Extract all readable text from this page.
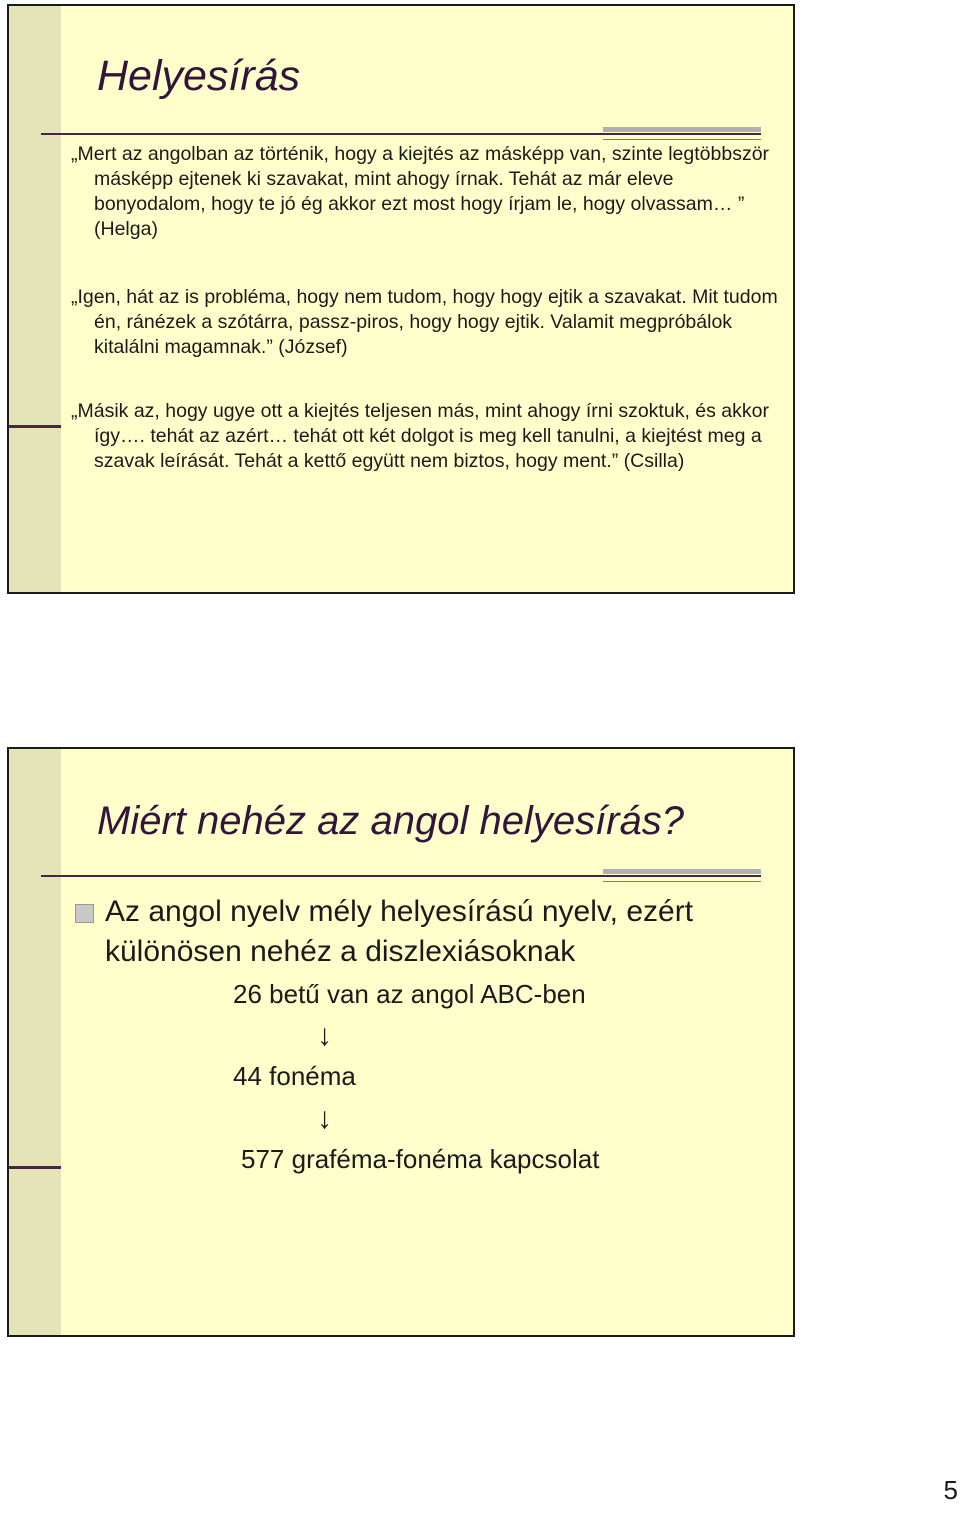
Helyesírás

„Mert az angolban az történik, hogy a kiejtés az másképp van, szinte legtöbbször másképp ejtenek ki szavakat, mint ahogy írnak. Tehát az már eleve bonyodalom, hogy te jó ég akkor ezt most hogy írjam le, hogy olvassam… ” (Helga)

„Igen, hát az is probléma, hogy nem tudom, hogy hogy ejtik a szavakat. Mit tudom én, ránézek a szótárra, passz-piros, hogy hogy ejtik. Valamit megpróbálok kitalálni magamnak.” (József)

„Másik az, hogy ugye ott a kiejtés teljesen más, mint ahogy írni szoktuk, és akkor így…. tehát az azért… tehát ott két dolgot is meg kell tanulni, a kiejtést meg a szavak leírását. Tehát a kettő együtt nem biztos, hogy ment.” (Csilla)

Miért nehéz az angol helyesírás?
Az angol nyelv mély helyesírású nyelv, ezért különösen nehéz a diszlexiásoknak
26 betű van az angol ABC-ben
↓
44 fonéma
↓
577 graféma-fonéma kapcsolat
5
